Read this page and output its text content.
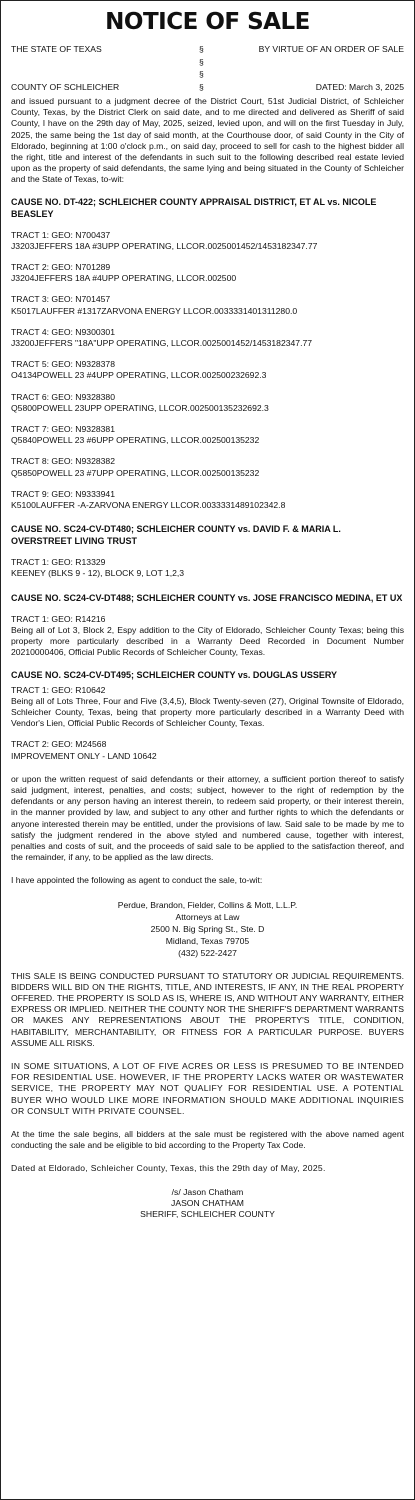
NOTICE OF SALE
THE STATE OF TEXAS	§	BY VIRTUE OF AN ORDER OF SALE
§
§
COUNTY OF SCHLEICHER	§	DATED: March 3, 2025

and issued pursuant to a judgment decree of the District Court, 51st Judicial District, of Schleicher County, Texas, by the District Clerk on said date, and to me directed and delivered as Sheriff of said County, I have on the 29th day of May, 2025, seized, levied upon, and will on the first Tuesday in July, 2025, the same being the 1st day of said month, at the Courthouse door, of said County in the City of Eldorado, beginning at 1:00 o'clock p.m., on said day, proceed to sell for cash to the highest bidder all the right, title and interest of the defendants in such suit to the following described real estate levied upon as the property of said defendants, the same lying and being situated in the County of Schleicher and the State of Texas, to-wit:

CAUSE NO. DT-422; SCHLEICHER COUNTY APPRAISAL DISTRICT, ET AL vs. NICOLE BEASLEY
TRACT 1: GEO: N700437
J3203JEFFERS 18A #3UPP OPERATING, LLCOR.0025001452/1453182347.77
TRACT 2: GEO: N701289
J3204JEFFERS 18A #4UPP OPERATING, LLCOR.002500
TRACT 3: GEO: N701457
K5017LAUFFER #1317ZARVONA ENERGY LLCOR.0033331401311280.0
TRACT 4: GEO: N9300301
J3200JEFFERS "18A"UPP OPERATING, LLCOR.0025001452/1453182347.77
TRACT 5: GEO: N9328378
O4134POWELL 23 #4UPP OPERATING, LLCOR.002500232692.3
TRACT 6: GEO: N9328380
Q5800POWELL 23UPP OPERATING, LLCOR.002500135232692.3
TRACT 7: GEO: N9328381
Q5840POWELL 23 #6UPP OPERATING, LLCOR.002500135232
TRACT 8: GEO: N9328382
Q5850POWELL 23 #7UPP OPERATING, LLCOR.002500135232
TRACT 9: GEO: N9333941
K5100LAUFFER -A-ZARVONA ENERGY LLCOR.0033331489102342.8
CAUSE NO. SC24-CV-DT480; SCHLEICHER COUNTY vs. DAVID F. & MARIA L. OVERSTREET LIVING TRUST
TRACT 1: GEO: R13329
KEENEY (BLKS 9 - 12), BLOCK 9, LOT 1,2,3
CAUSE NO. SC24-CV-DT488; SCHLEICHER COUNTY vs. JOSE FRANCISCO MEDINA, ET UX
TRACT 1: GEO: R14216

Being all of Lot 3, Block 2, Espy addition to the City of Eldorado, Schleicher County Texas; being this property more particularly described in a Warranty Deed Recorded in Document Number 20210000406, Official Public Records of Schleicher County, Texas.

CAUSE NO. SC24-CV-DT495; SCHLEICHER COUNTY vs. DOUGLAS USSERY
TRACT 1: GEO: R10642

Being all of Lots Three, Four and Five (3,4,5), Block Twenty-seven (27), Original Townsite of Eldorado, Schleicher County, Texas, being that property more particularly described in a Warranty Deed with Vendor's Lien, Official Public Records of Schleicher County, Texas.

TRACT 2: GEO: M24568
IMPROVEMENT ONLY - LAND 10642

or upon the written request of said defendants or their attorney, a sufficient portion thereof to satisfy said judgment, interest, penalties, and costs; subject, however to the right of redemption by the defendants or any person having an interest therein, to redeem said property, or their interest therein, in the manner provided by law, and subject to any other and further rights to which the defendants or anyone interested therein may be entitled, under the provisions of law. Said sale to be made by me to satisfy the judgment rendered in the above styled and numbered cause, together with interest, penalties and costs of suit, and the proceeds of said sale to be applied to the satisfaction thereof, and the remainder, if any, to be applied as the law directs.

I have appointed the following as agent to conduct the sale, to-wit:

Perdue, Brandon, Fielder, Collins & Mott, L.L.P.
Attorneys at Law
2500 N. Big Spring St., Ste. D
Midland, Texas 79705
(432) 522-2427

THIS SALE IS BEING CONDUCTED PURSUANT TO STATUTORY OR JUDICIAL REQUIREMENTS. BIDDERS WILL BID ON THE RIGHTS, TITLE, AND INTERESTS, IF ANY, IN THE REAL PROPERTY OFFERED. THE PROPERTY IS SOLD AS IS, WHERE IS, AND WITHOUT ANY WARRANTY, EITHER EXPRESS OR IMPLIED. NEITHER THE COUNTY NOR THE SHERIFF'S DEPARTMENT WARRANTS OR MAKES ANY REPRESENTATIONS ABOUT THE PROPERTY'S TITLE, CONDITION, HABITABILITY, MERCHANTABILITY, OR FITNESS FOR A PARTICULAR PURPOSE. BUYERS ASSUME ALL RISKS.

IN SOME SITUATIONS, A LOT OF FIVE ACRES OR LESS IS PRESUMED TO BE INTENDED FOR RESIDENTIAL USE. HOWEVER, IF THE PROPERTY LACKS WATER OR WASTEWATER SERVICE, THE PROPERTY MAY NOT QUALIFY FOR RESIDENTIAL USE. A POTENTIAL BUYER WHO WOULD LIKE MORE INFORMATION SHOULD MAKE ADDITIONAL INQUIRIES OR CONSULT WITH PRIVATE COUNSEL.

At the time the sale begins, all bidders at the sale must be registered with the above named agent conducting the sale and be eligible to bid according to the Property Tax Code.

Dated at Eldorado, Schleicher County, Texas, this the 29th day of May, 2025.

/s/ Jason Chatham
JASON CHATHAM
SHERIFF, SCHLEICHER COUNTY
